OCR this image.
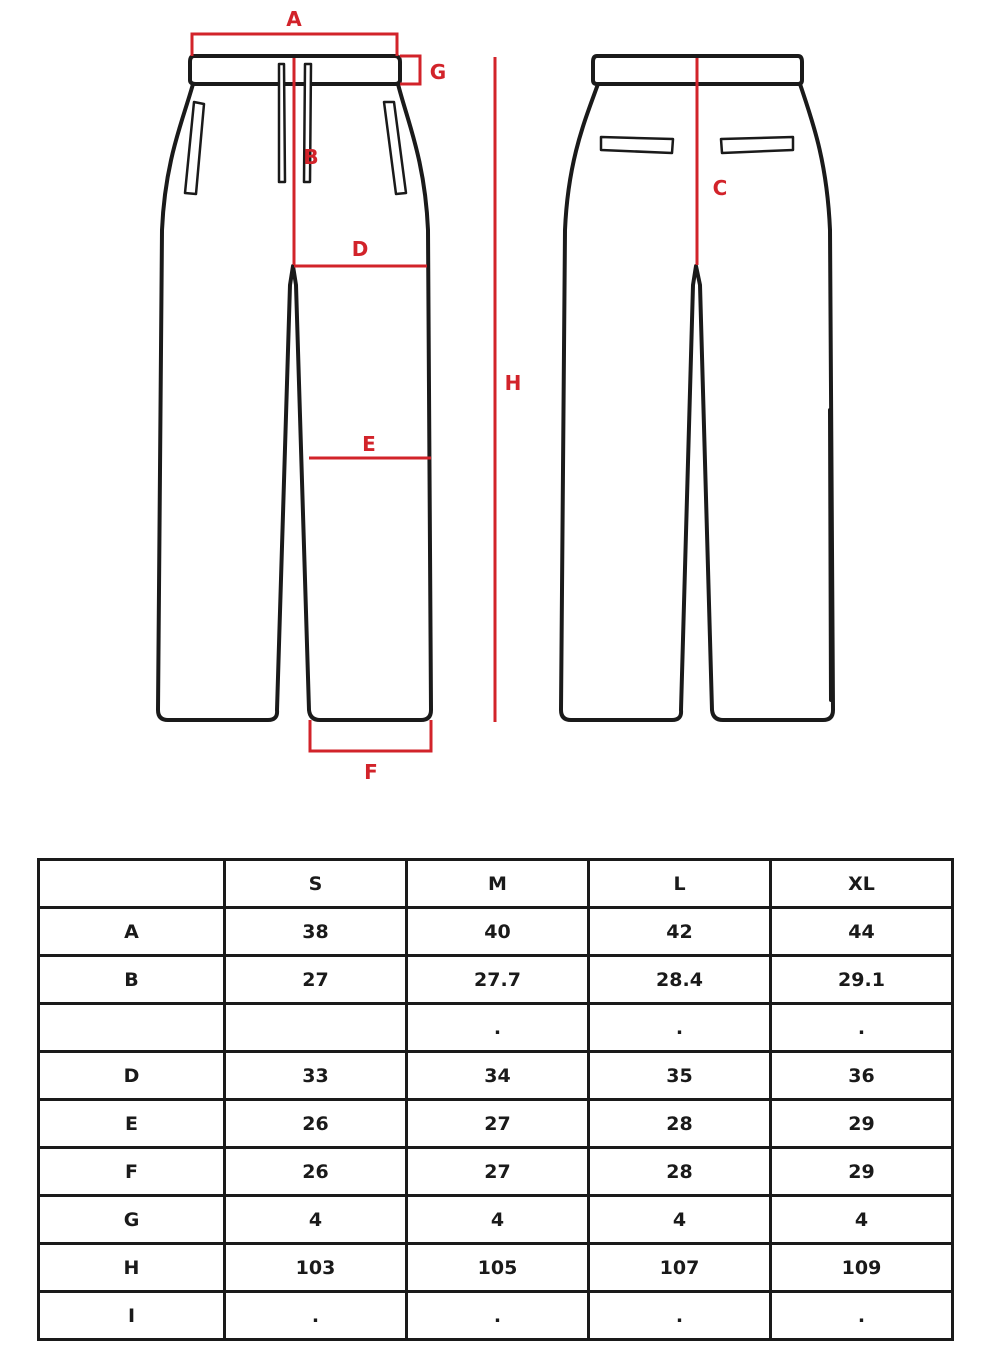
A
G
B
D
E
F
H
C
	S	M	L	XL
A	38	40	42	44
B	27	27.7	28.4	29.1
		.	.	.
D	33	34	35	36
E	26	27	28	29
F	26	27	28	29
G	4	4	4	4
H	103	105	107	109
I	.	.	.	.
